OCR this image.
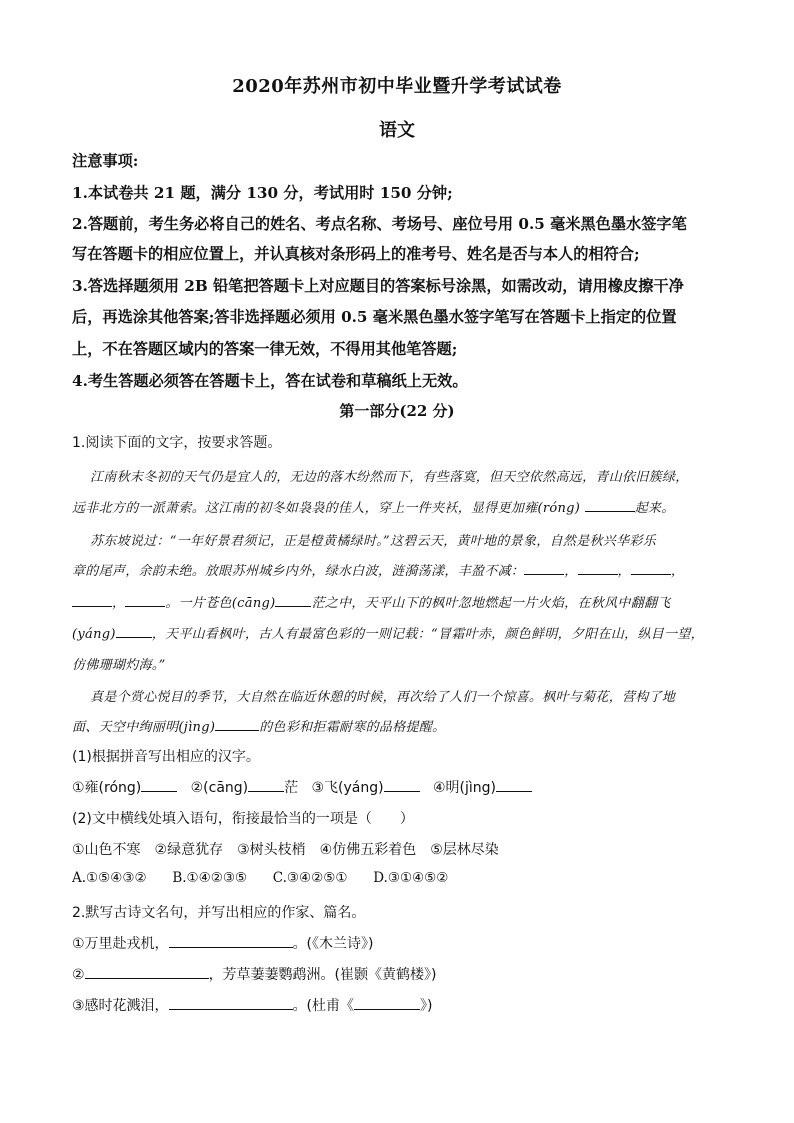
2020年苏州市初中毕业暨升学考试试卷
语文
注意事项:
1.本试卷共 21 题，满分 130 分，考试用时 150 分钟;
2.答题前，考生务必将自己的姓名、考点名称、考场号、座位号用 0.5 毫米黑色墨水签字笔
写在答题卡的相应位置上，并认真核对条形码上的准考号、姓名是否与本人的相符合;
3.答选择题须用 2B 铅笔把答题卡上对应题目的答案标号涂黑，如需改动，请用橡皮擦干净
后，再选涂其他答案;答非选择题必须用 0.5 毫米黑色墨水签字笔写在答题卡上指定的位置
上，不在答题区域内的答案一律无效，不得用其他笔答题;
4.考生答题必须答在答题卡上，答在试卷和草稿纸上无效。
第一部分(22 分)
1.阅读下面的文字，按要求答题。
江南秋末冬初的天气仍是宜人的，无边的落木纷然而下，有些落寞，但天空依然高远，青山依旧簇绿，
远非北方的一派萧索。这江南的初冬如袅袅的佳人，穿上一件夹袄，显得更加雍(róng)	起来。
苏东坡说过：“一年好景君须记，正是橙黄橘绿时。”这碧云天，黄叶地的景象，自然是秋兴华彩乐
章的尾声，余韵未绝。放眼苏州城乡内外，绿水白波，涟漪荡漾，丰盈不减：	，	，	，
，	。一片苍色(cāng)	茫之中，天平山下的枫叶忽地燃起一片火焰，在秋风中翻翻飞
(yáng)	，天平山看枫叶，古人有最富色彩的一则记载：“冒霜叶赤，颜色鲜明，夕阳在山，纵目一望，
仿佛珊瑚灼海。”
真是个赏心悦目的季节，大自然在临近休憩的时候，再次给了人们一个惊喜。枫叶与菊花，营构了地
面、天空中绚丽明(jìng)	的色彩和拒霜耐寒的品格提醒。
(1)根据拼音写出相应的汉字。
①雍(róng)	②(cāng)	茫 ③飞(yáng)	④明(jìng)
(2)文中横线处填入语句，衔接最恰当的一项是（　　）
①山色不寒　②绿意犹存　③树头枝梢　④仿佛五彩着色　⑤层林尽染
A.①⑤④③② B.①④②③⑤ C.③④②⑤① D.③①④⑤②
2.默写古诗文名句，并写出相应的作家、篇名。
①万里赴戎机，	。(《木兰诗》)
②	，芳草萋萋鹦鹉洲。(崔颢《黄鹤楼》)
③感时花溅泪，	。(杜甫《	》)
